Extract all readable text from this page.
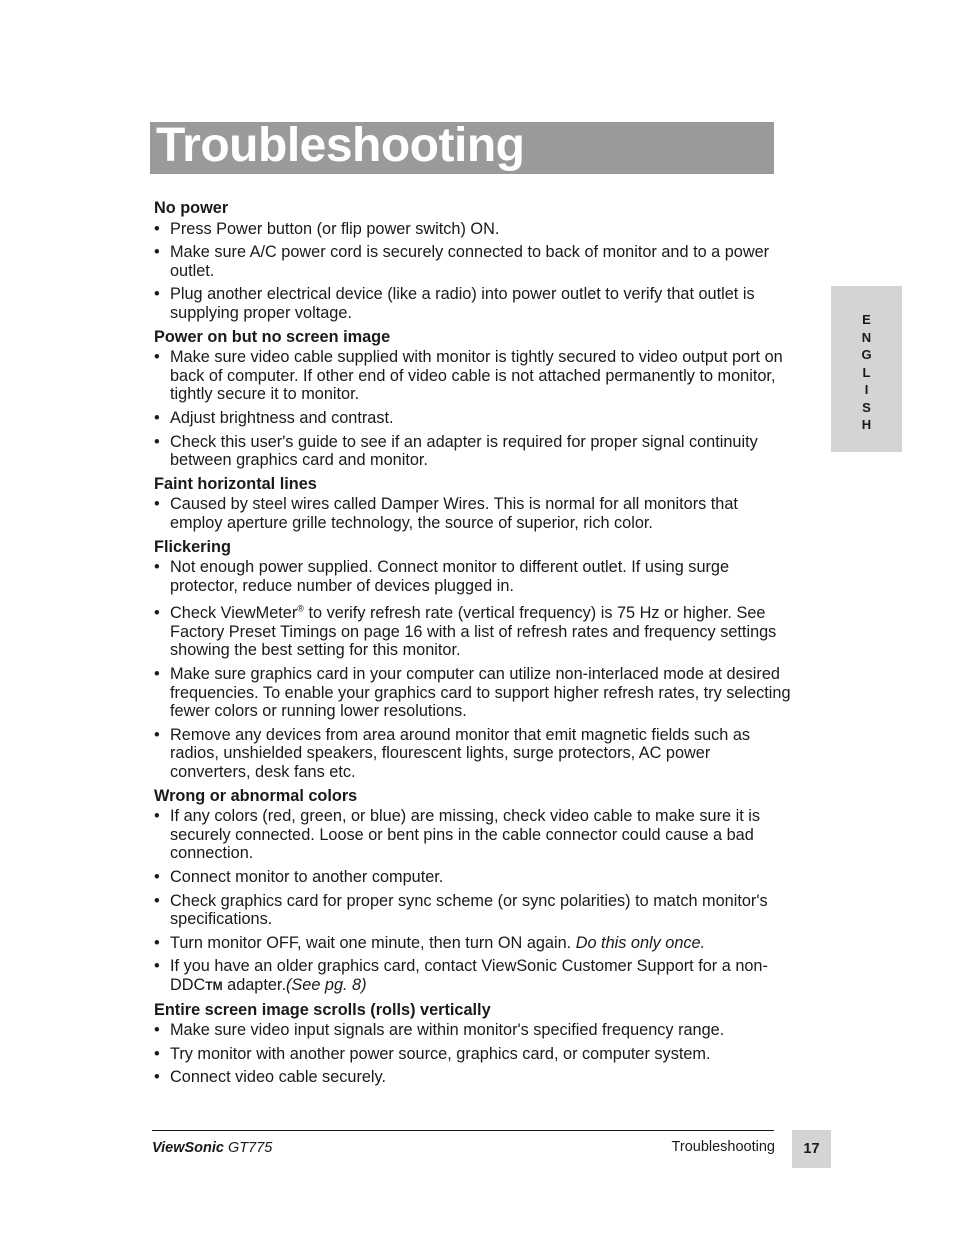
Troubleshooting
E
N
G
L
I
S
H
No power
• Press Power button (or flip power switch) ON.
• Make sure A/C power cord is securely connected to back of monitor and to a power outlet.
• Plug another electrical device (like a radio) into power outlet to verify that outlet is supplying proper voltage.
Power on but no screen image
• Make sure video cable supplied with monitor is tightly secured to video output port on back of computer. If other end of video cable is not attached permanently to monitor, tightly secure it to monitor.
• Adjust brightness and contrast.
• Check this user's guide to see if an adapter is required for proper signal continuity between graphics card and monitor.
Faint horizontal lines
• Caused by steel wires called Damper Wires. This is normal for all monitors that employ aperture grille technology, the source of superior, rich color.
Flickering
• Not enough power supplied. Connect monitor to different outlet. If using surge protector, reduce number of devices plugged in.
• Check ViewMeter® to verify refresh rate (vertical frequency) is 75 Hz or higher. See Factory Preset Timings on page 16 with a list of refresh rates and frequency settings showing the best setting for this monitor.
• Make sure graphics card in your computer can utilize non-interlaced mode at desired frequencies. To enable your graphics card to support higher refresh rates, try selecting fewer colors or running lower resolutions.
• Remove any devices from area around monitor that emit magnetic fields such as radios, unshielded speakers, flourescent lights, surge protectors, AC power converters, desk fans etc.
Wrong or abnormal colors
• If any colors (red, green, or blue) are missing, check video cable to make sure it is securely connected. Loose or bent pins in the cable connector could cause a bad connection.
• Connect monitor to another computer.
• Check graphics card for proper sync scheme (or sync polarities) to match monitor's specifications.
• Turn monitor OFF, wait one minute, then turn ON again. Do this only once.
• If you have an older graphics card, contact ViewSonic Customer Support for a non-DDCTM adapter.(See pg. 8)
Entire screen image scrolls (rolls) vertically
• Make sure video input signals are within monitor's specified frequency range.
• Try monitor with another power source, graphics card, or computer system.
• Connect video cable securely.
ViewSonic GT775	Troubleshooting	17
